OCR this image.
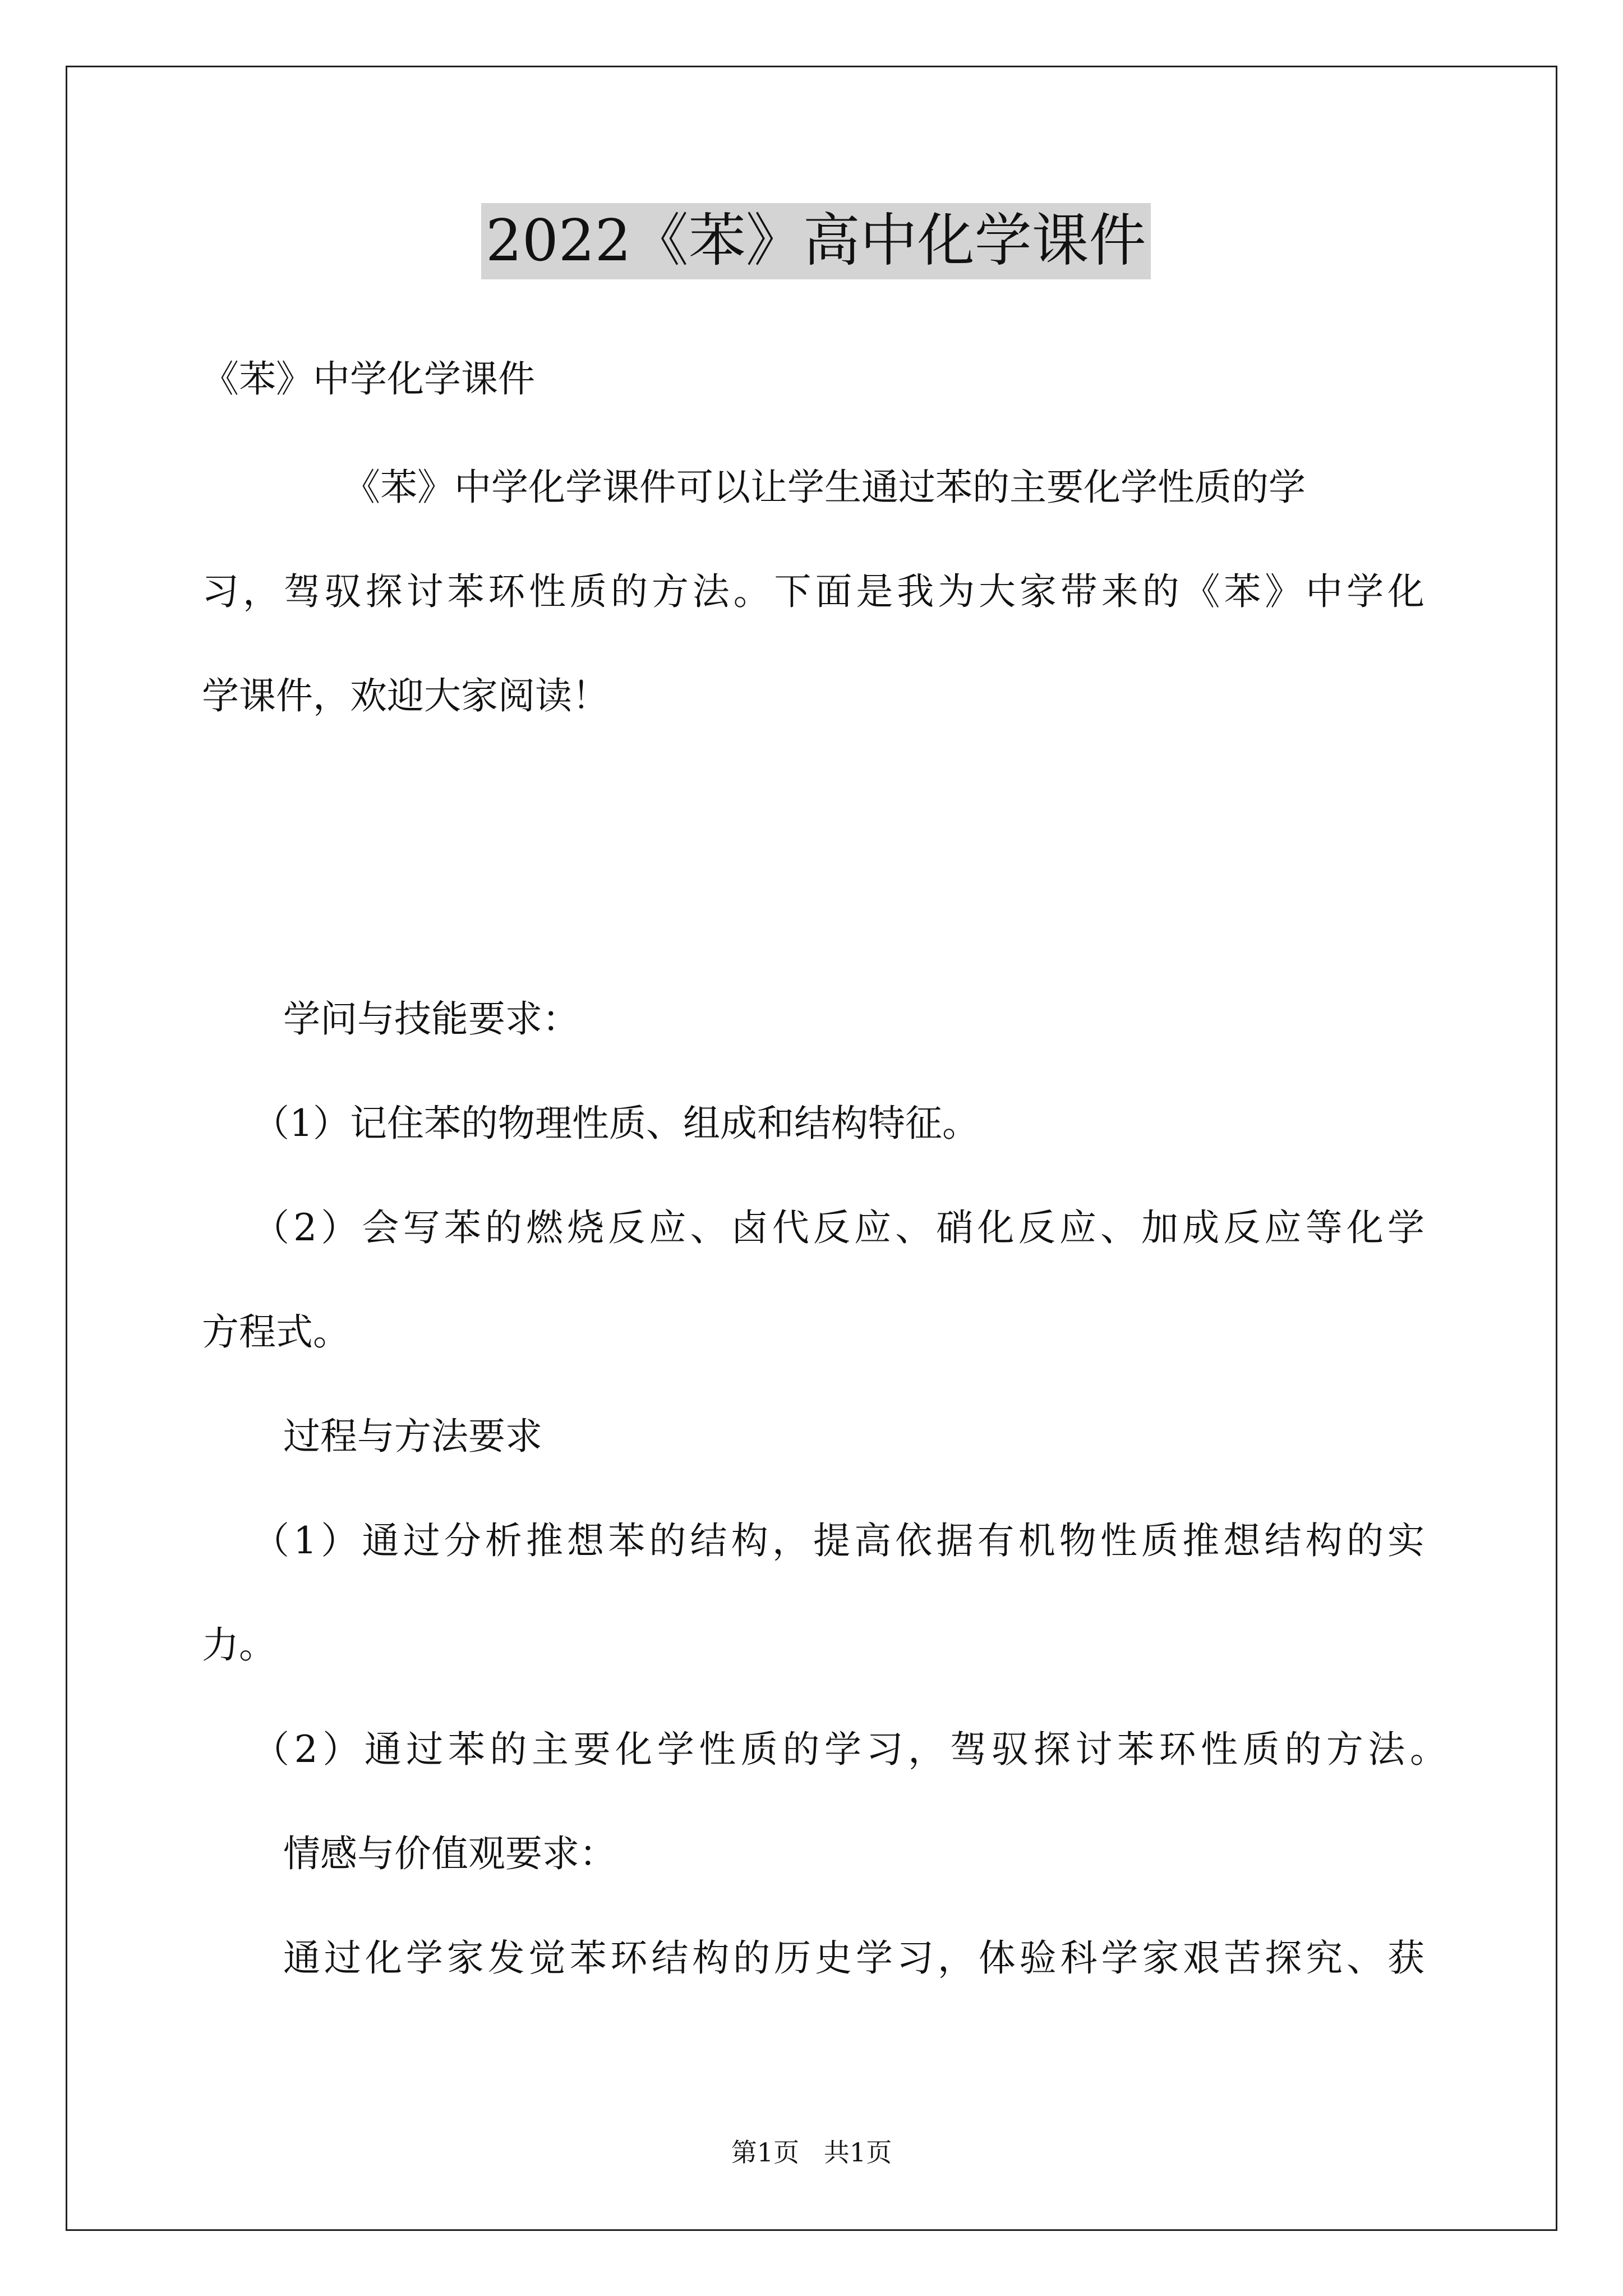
2022《苯》高中化学课件

《苯》中学化学课件

《苯》中学化学课件可以让学生通过苯的主要化学性质的学

习，驾驭探讨苯环性质的方法。下面是我为大家带来的《苯》中学化

学课件，欢迎大家阅读！

学问与技能要求：

（1）记住苯的物理性质、组成和结构特征。

（2）会写苯的燃烧反应、卤代反应、硝化反应、加成反应等化学

方程式。

过程与方法要求

（1）通过分析推想苯的结构，提高依据有机物性质推想结构的实

力。

（2）通过苯的主要化学性质的学习，驾驭探讨苯环性质的方法。

情感与价值观要求：

通过化学家发觉苯环结构的历史学习，体验科学家艰苦探究、获

第1页   共1页
